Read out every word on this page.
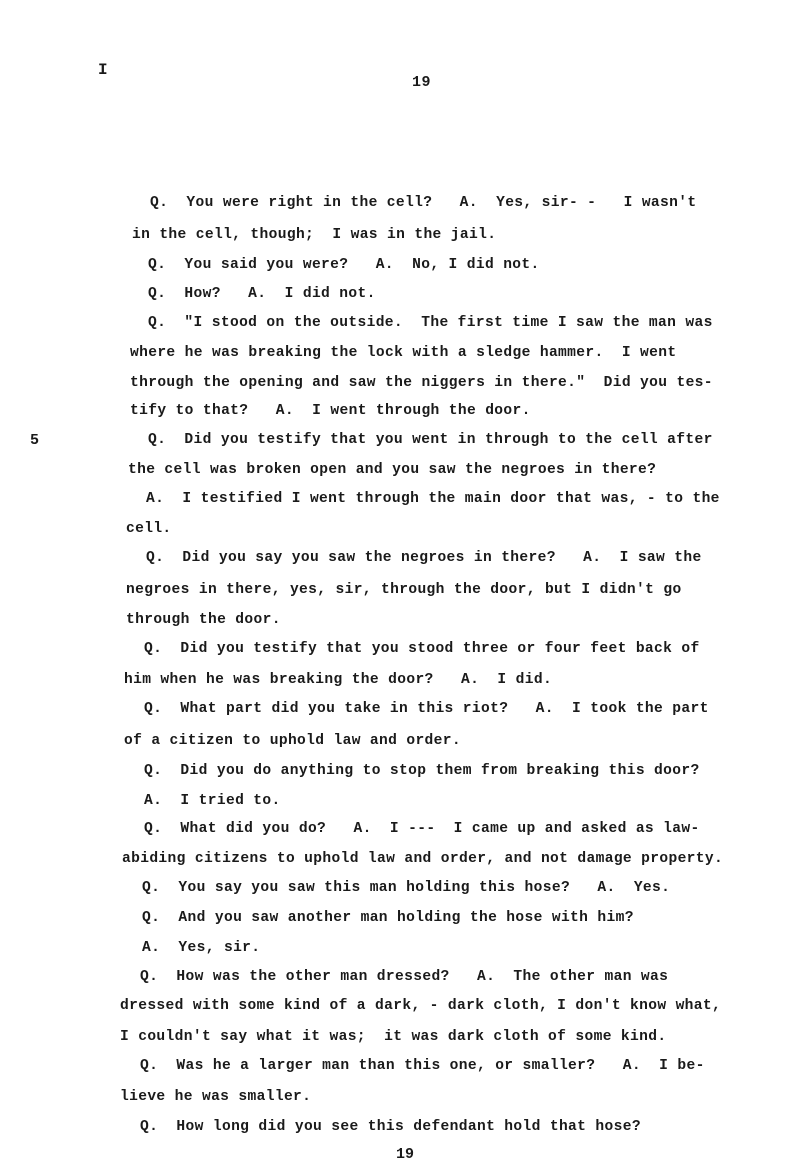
I
19
5
Q.  You were right in the cell?   A.  Yes, sir- -   I wasn't
in the cell, though;  I was in the jail.
Q.  You said you were?   A.  No, I did not.
Q.  How?   A.  I did not.
Q.  "I stood on the outside.  The first time I saw the man was
where he was breaking the lock with a sledge hammer.  I went
through the opening and saw the niggers in there."  Did you tes-
tify to that?   A.  I went through the door.
Q.  Did you testify that you went in through to the cell after
the cell was broken open and you saw the negroes in there?
A.  I testified I went through the main door that was, - to the
cell.
Q.  Did you say you saw the negroes in there?   A.  I saw the
negroes in there, yes, sir, through the door, but I didn't go
through the door.
Q.  Did you testify that you stood three or four feet back of
him when he was breaking the door?   A.  I did.
Q.  What part did you take in this riot?   A.  I took the part
of a citizen to uphold law and order.
Q.  Did you do anything to stop them from breaking this door?
A.  I tried to.
Q.  What did you do?   A.  I ---  I came up and asked as law-
abiding citizens to uphold law and order, and not damage property.
Q.  You say you saw this man holding this hose?   A.  Yes.
Q.  And you saw another man holding the hose with him?
A.  Yes, sir.
Q.  How was the other man dressed?   A.  The other man was
dressed with some kind of a dark, - dark cloth, I don't know what,
I couldn't say what it was;  it was dark cloth of some kind.
Q.  Was he a larger man than this one, or smaller?   A.  I be-
lieve he was smaller.
Q.  How long did you see this defendant hold that hose?
19
